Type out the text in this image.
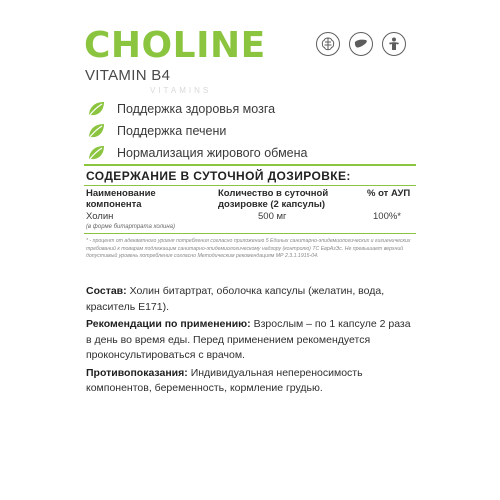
CHOLINE
VITAMIN B4
VITAMINS
Поддержка здоровья мозга
Поддержка печени
Нормализация жирового обмена
СОДЕРЖАНИЕ В СУТОЧНОЙ ДОЗИРОВКЕ:
Наименование компонента
Количество в суточной дозировке (2 капсулы)
% от АУП
Холин
(в форме битартрата холина)
500 мг	100%*
* - процент от адекватного уровня потребления согласно приложению 5 Единых санитарно-эпидемиологических и гигиенических требований к товарам подлежащим санитарно-эпидемиологическому надзору (контролю) ТС ЕврАзЭс. Не превышает верхний допустимый уровень потребления согласно Методическим рекомендациям МР 2.3.1.1915-04.

Состав: Холин битартрат, оболочка капсулы (желатин, вода, краситель Е171).

Рекомендации по применению: Взрослым – по 1 капсуле 2 раза в день во время еды. Перед применением рекомендуется проконсультироваться с врачом.

Противопоказания: Индивидуальная непереносимость компонентов, беременность, кормление грудью.
